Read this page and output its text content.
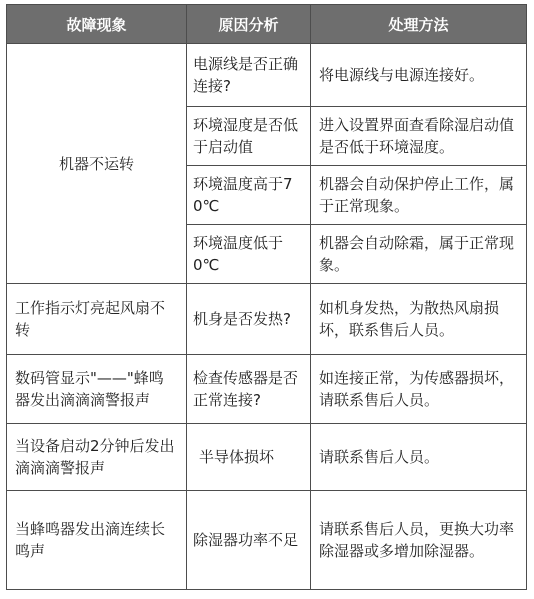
故障现象	原因分析	处理方法
机器不运转	电源线是否正确连接?	将电源线与电源连接好。
	环境湿度是否低于启动值	进入设置界面查看除湿启动值是否低于环境湿度。
	环境温度高于70℃	机器会自动保护停止工作，属于正常现象。
	环境温度低于0℃	机器会自动除霜，属于正常现象。
工作指示灯亮起风扇不转	机身是否发热?	如机身发热，为散热风扇损坏，联系售后人员。
数码管显示"——"蜂鸣器发出滴滴滴警报声	检查传感器是否正常连接?	如连接正常，为传感器损坏，请联系售后人员。
当设备启动2分钟后发出滴滴滴警报声	半导体损坏	请联系售后人员。
当蜂鸣器发出滴连续长鸣声	除湿器功率不足	请联系售后人员，更换大功率除湿器或多增加除湿器。
